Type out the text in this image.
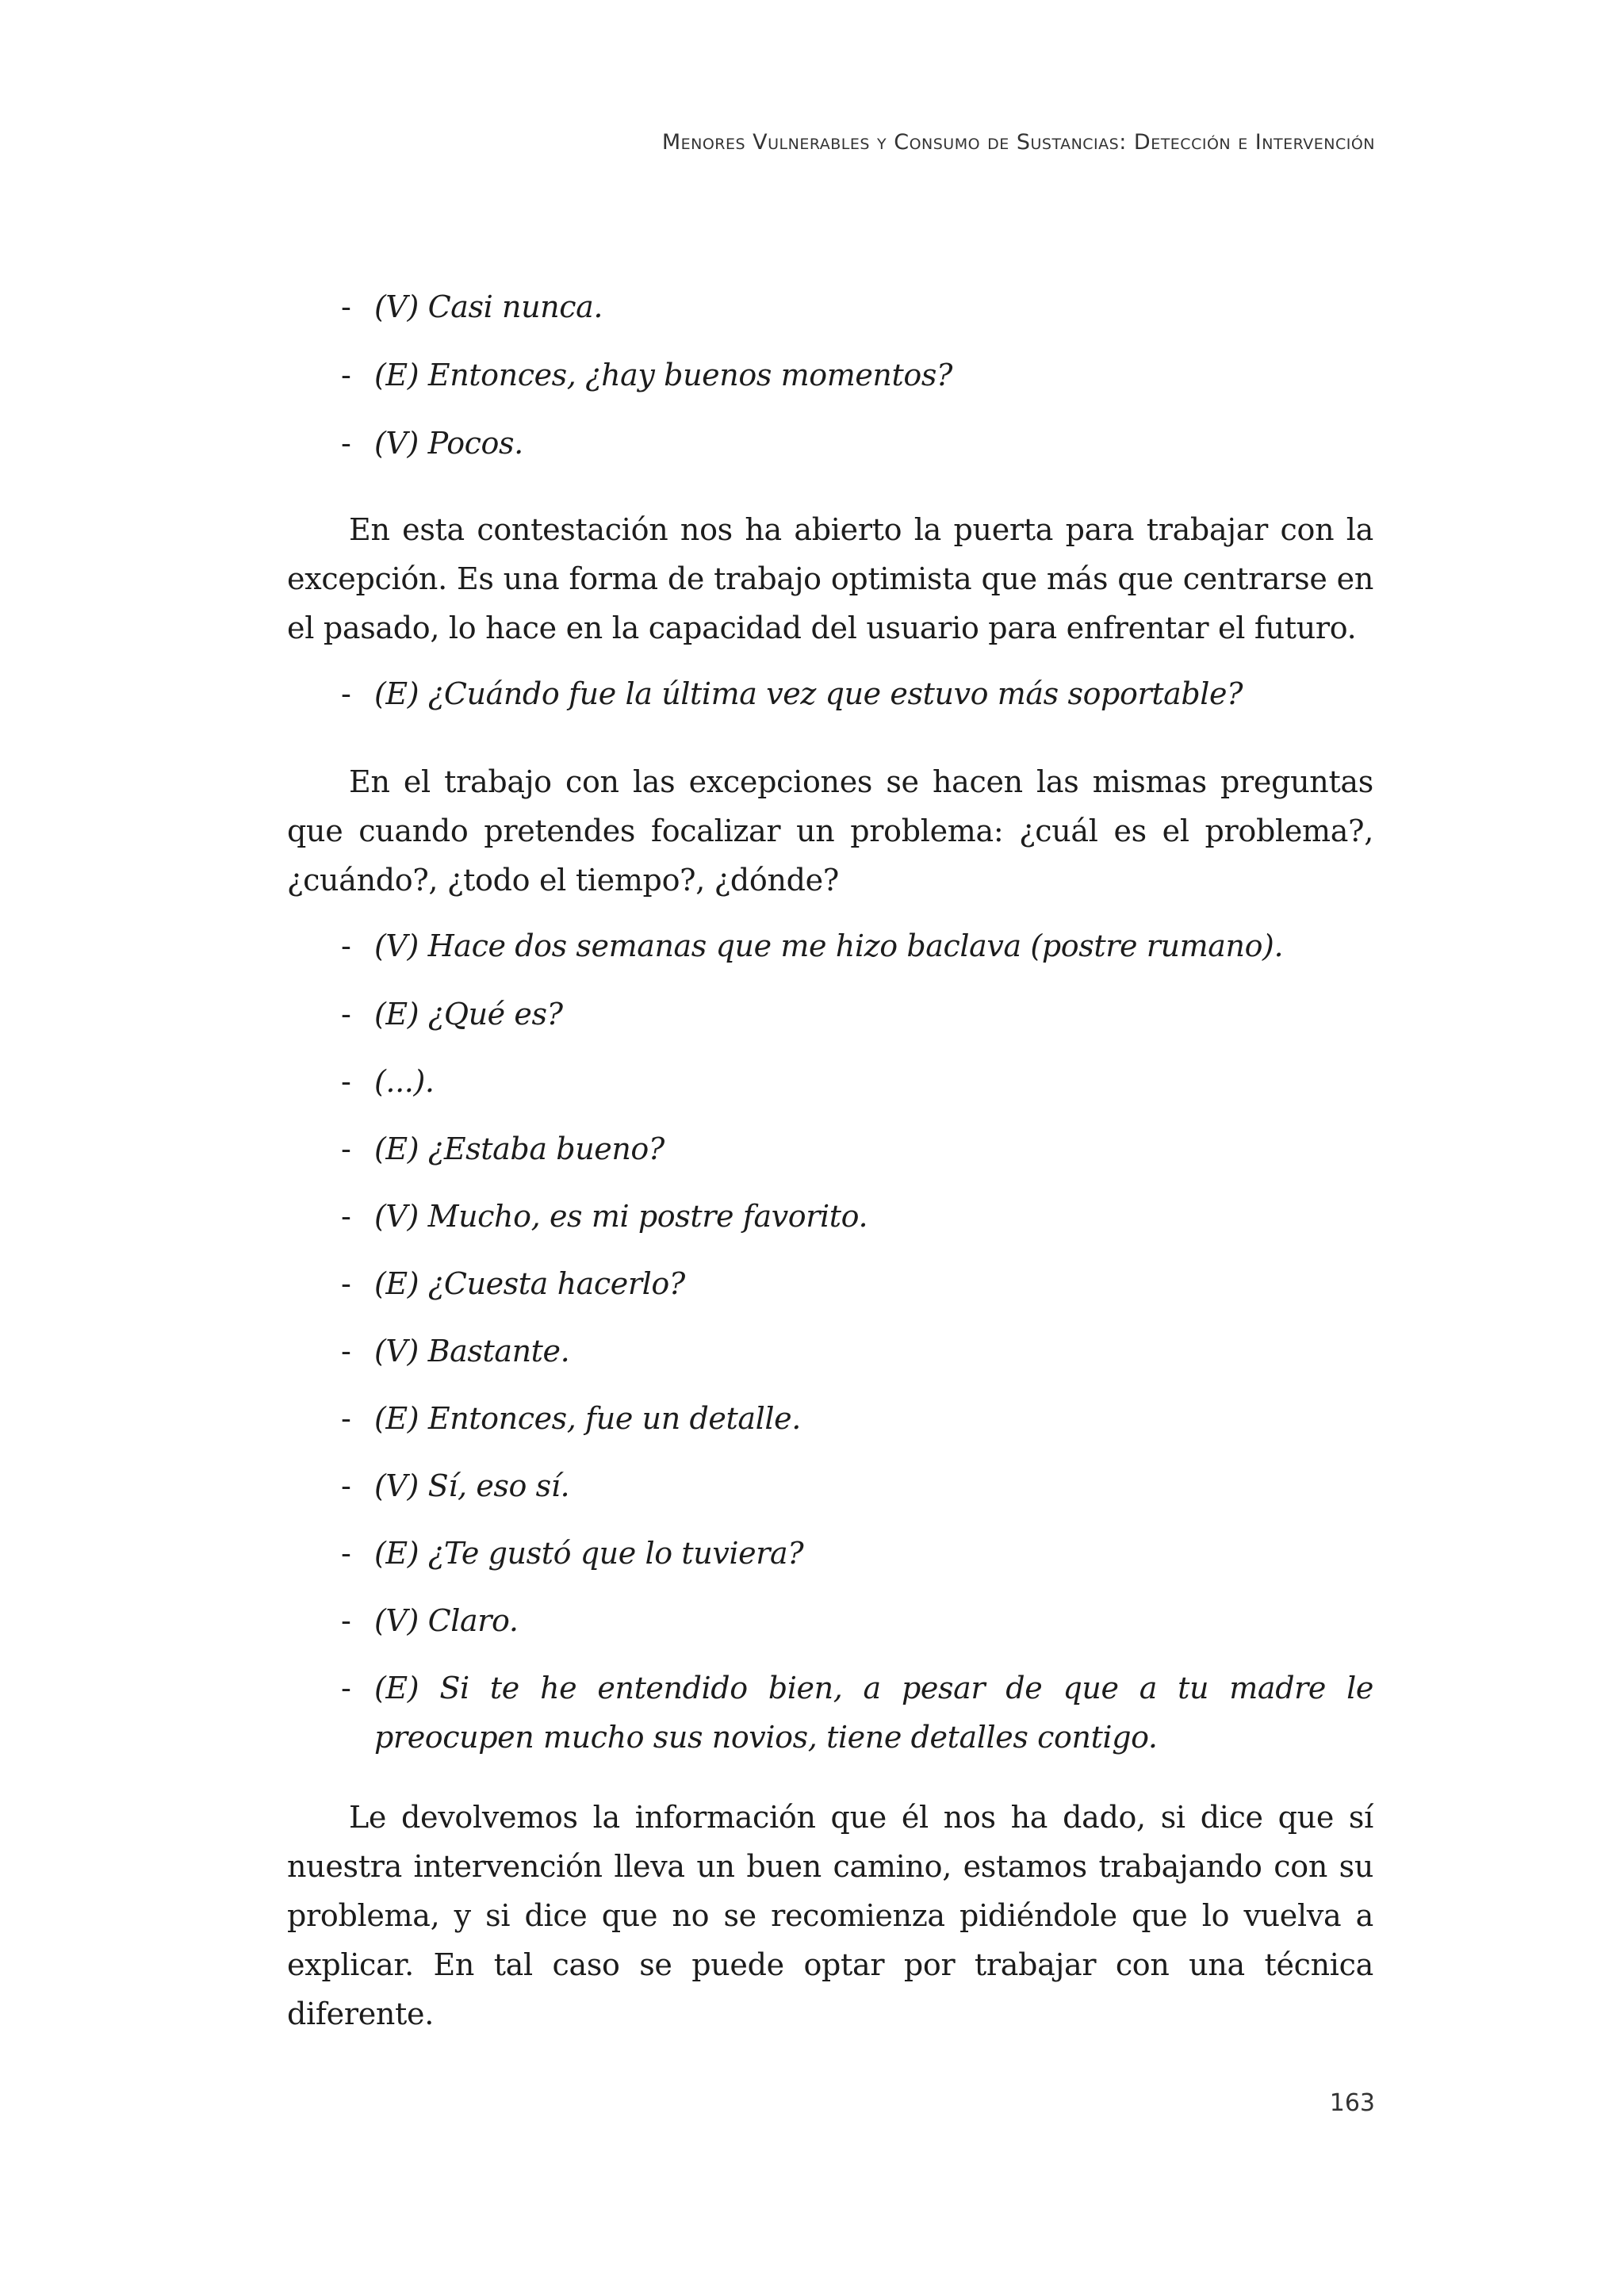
Menores Vulnerables y Consumo de Sustancias: Detección e Intervención
- (V) Casi nunca.
- (E) Entonces, ¿hay buenos momentos?
- (V) Pocos.
En esta contestación nos ha abierto la puerta para trabajar con la excepción. Es una forma de trabajo optimista que más que centrarse en el pasado, lo hace en la capacidad del usuario para enfrentar el futuro.
- (E) ¿Cuándo fue la última vez que estuvo más soportable?
En el trabajo con las excepciones se hacen las mismas preguntas que cuando pretendes focalizar un problema: ¿cuál es el problema?, ¿cuándo?, ¿todo el tiempo?, ¿dónde?
- (V) Hace dos semanas que me hizo baclava (postre rumano).
- (E) ¿Qué es?
- (...).
- (E) ¿Estaba bueno?
- (V) Mucho, es mi postre favorito.
- (E) ¿Cuesta hacerlo?
- (V) Bastante.
- (E) Entonces, fue un detalle.
- (V) Sí, eso sí.
- (E) ¿Te gustó que lo tuviera?
- (V) Claro.
- (E) Si te he entendido bien, a pesar de que a tu madre le preocupen mucho sus novios, tiene detalles contigo.
Le devolvemos la información que él nos ha dado, si dice que sí nuestra intervención lleva un buen camino, estamos trabajando con su problema, y si dice que no se recomienza pidiéndole que lo vuelva a explicar. En tal caso se puede optar por trabajar con una técnica diferente.
163
